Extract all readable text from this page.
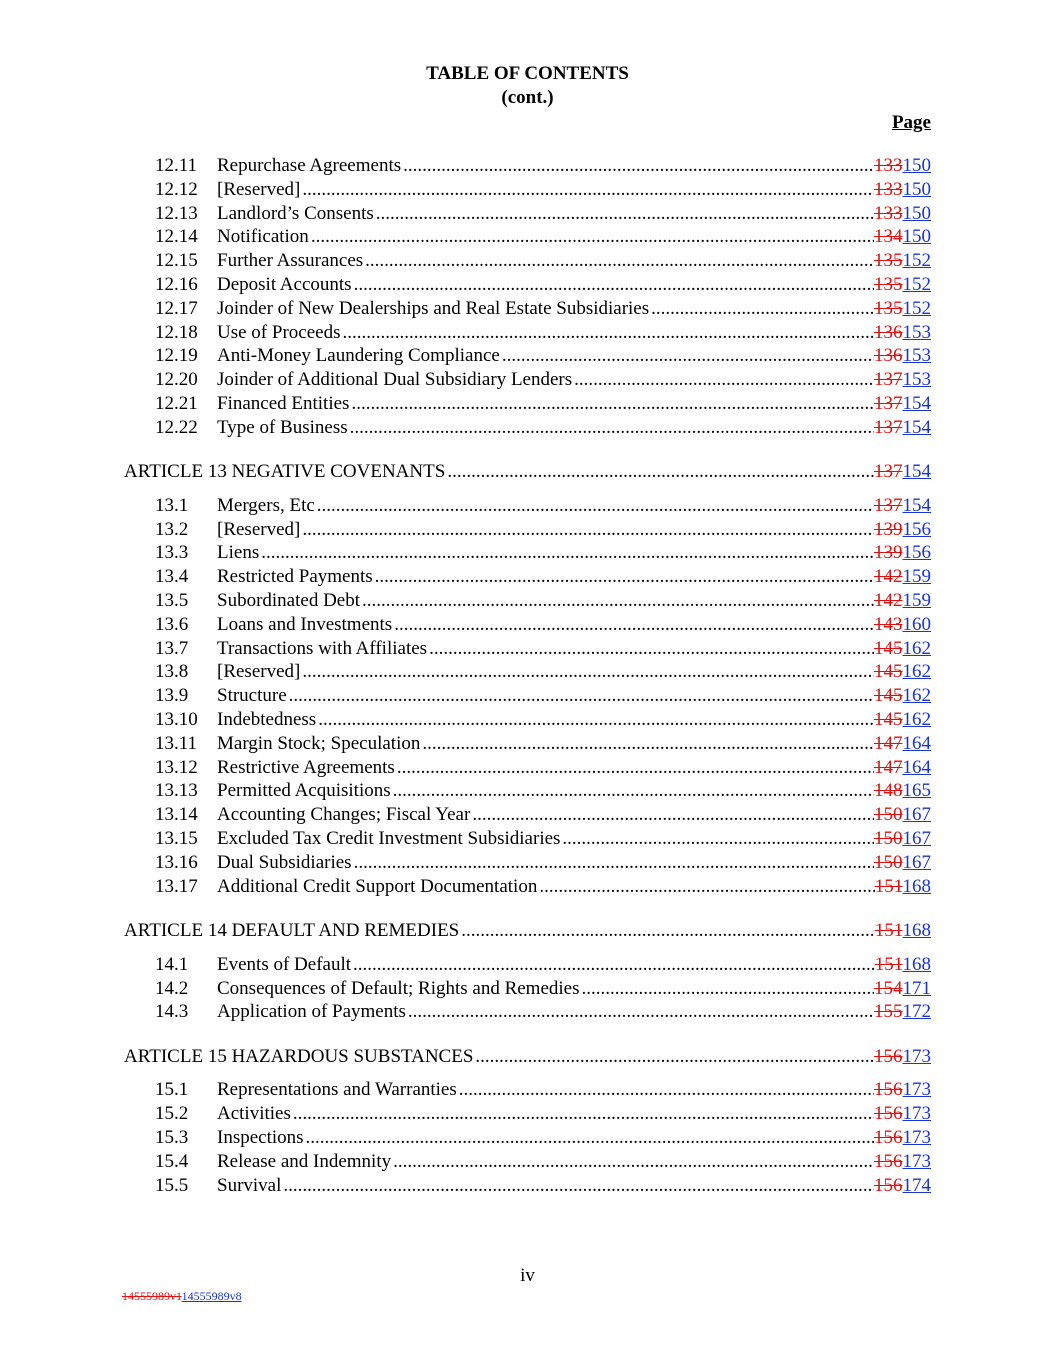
TABLE OF CONTENTS
(cont.)
Page
12.11 Repurchase Agreements .....	133150
12.12 [Reserved] .....	133150
12.13 Landlord’s Consents .....	133150
12.14 Notification .....	134150
12.15 Further Assurances .....	135152
12.16 Deposit Accounts .....	135152
12.17 Joinder of New Dealerships and Real Estate Subsidiaries .....	135152
12.18 Use of Proceeds .....	136153
12.19 Anti-Money Laundering Compliance .....	136153
12.20 Joinder of Additional Dual Subsidiary Lenders .....	137153
12.21 Financed Entities .....	137154
12.22 Type of Business .....	137154
ARTICLE 13 NEGATIVE COVENANTS .....	137154
13.1 Mergers, Etc .....	137154
13.2 [Reserved] .....	139156
13.3 Liens .....	139156
13.4 Restricted Payments .....	142159
13.5 Subordinated Debt .....	142159
13.6 Loans and Investments .....	143160
13.7 Transactions with Affiliates .....	145162
13.8 [Reserved] .....	145162
13.9 Structure .....	145162
13.10 Indebtedness .....	145162
13.11 Margin Stock; Speculation .....	147164
13.12 Restrictive Agreements .....	147164
13.13 Permitted Acquisitions .....	148165
13.14 Accounting Changes; Fiscal Year .....	150167
13.15 Excluded Tax Credit Investment Subsidiaries .....	150167
13.16 Dual Subsidiaries .....	150167
13.17 Additional Credit Support Documentation .....	151168
ARTICLE 14 DEFAULT AND REMEDIES .....	151168
14.1 Events of Default .....	151168
14.2 Consequences of Default; Rights and Remedies .....	154171
14.3 Application of Payments .....	155172
ARTICLE 15 HAZARDOUS SUBSTANCES .....	156173
15.1 Representations and Warranties .....	156173
15.2 Activities .....	156173
15.3 Inspections .....	156173
15.4 Release and Indemnity .....	156173
15.5 Survival .....	156174
iv
14555989v114555989v8
